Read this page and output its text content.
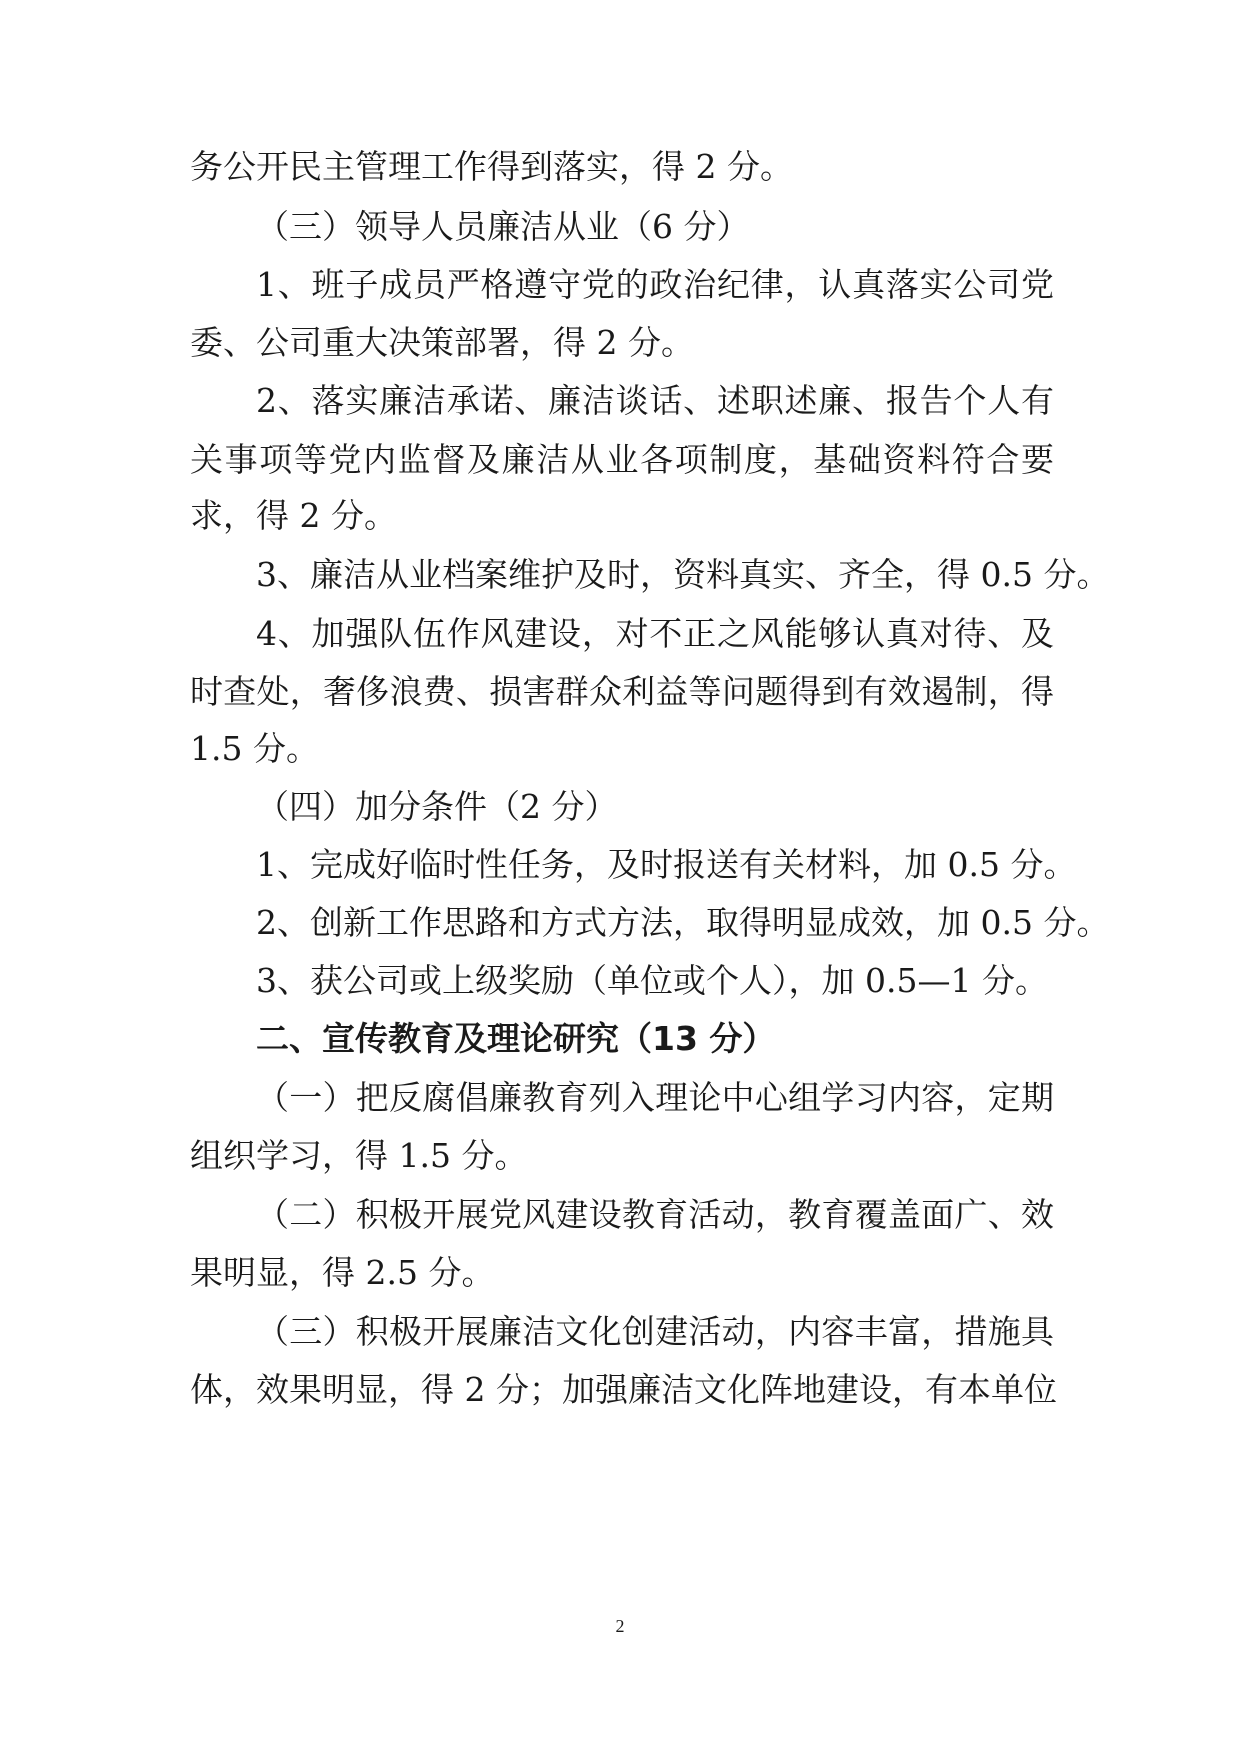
务公开民主管理工作得到落实，得 2 分。
（三）领导人员廉洁从业（6 分）
1、班子成员严格遵守党的政治纪律，认真落实公司党
委、公司重大决策部署，得 2 分。
2、落实廉洁承诺、廉洁谈话、述职述廉、报告个人有
关事项等党内监督及廉洁从业各项制度，基础资料符合要
求，得 2 分。
3、廉洁从业档案维护及时，资料真实、齐全，得 0.5 分。
4、加强队伍作风建设，对不正之风能够认真对待、及
时查处，奢侈浪费、损害群众利益等问题得到有效遏制，得
1.5 分。
（四）加分条件（2 分）
1、完成好临时性任务，及时报送有关材料，加 0.5 分。
2、创新工作思路和方式方法，取得明显成效，加 0.5 分。
3、获公司或上级奖励（单位或个人），加 0.5—1 分。
二、宣传教育及理论研究（13 分）
（一）把反腐倡廉教育列入理论中心组学习内容，定期
组织学习，得 1.5 分。
（二）积极开展党风建设教育活动，教育覆盖面广、效
果明显，得 2.5 分。
（三）积极开展廉洁文化创建活动，内容丰富，措施具
体，效果明显，得 2 分；加强廉洁文化阵地建设，有本单位
2
